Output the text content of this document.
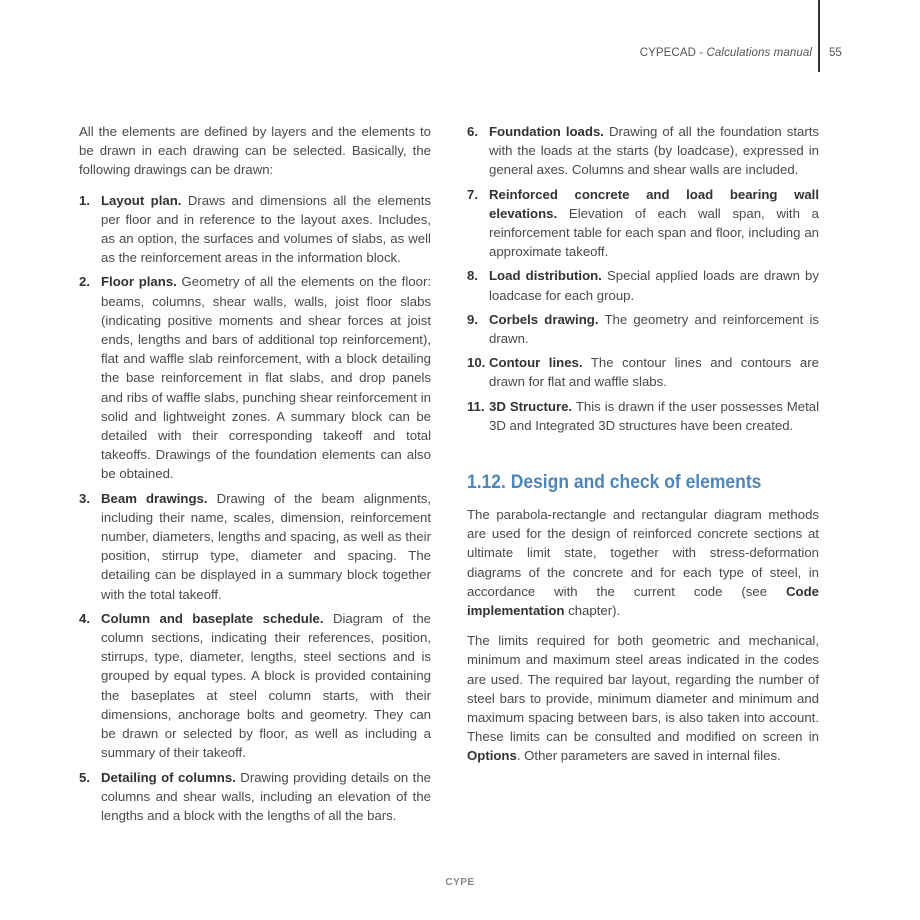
CYPECAD - Calculations manual 55

All the elements are defined by layers and the elements to be drawn in each drawing can be selected. Basically, the following drawings can be drawn:

1. Layout plan. Draws and dimensions all the elements per floor and in reference to the layout axes. Includes, as an option, the surfaces and volumes of slabs, as well as the reinforcement areas in the information block.
2. Floor plans. Geometry of all the elements on the floor: beams, columns, shear walls, walls, joist floor slabs (indicating positive moments and shear forces at joist ends, lengths and bars of additional top reinforcement), flat and waffle slab reinforcement, with a block detailing the base reinforcement in flat slabs, and drop panels and ribs of waffle slabs, punching shear reinforcement in solid and lightweight zones. A summary block can be detailed with their corresponding takeoff and total takeoffs. Drawings of the foundation elements can also be obtained.
3. Beam drawings. Drawing of the beam alignments, including their name, scales, dimension, reinforcement number, diameters, lengths and spacing, as well as their position, stirrup type, diameter and spacing. The detailing can be displayed in a summary block together with the total takeoff.
4. Column and baseplate schedule. Diagram of the column sections, indicating their references, position, stirrups, type, diameter, lengths, steel sections and is grouped by equal types. A block is provided containing the baseplates at steel column starts, with their dimensions, anchorage bolts and geometry. They can be drawn or selected by floor, as well as including a summary of their takeoff.
5. Detailing of columns. Drawing providing details on the columns and shear walls, including an elevation of the lengths and a block with the lengths of all the bars.
6. Foundation loads. Drawing of all the foundation starts with the loads at the starts (by loadcase), expressed in general axes. Columns and shear walls are included.
7. Reinforced concrete and load bearing wall elevations. Elevation of each wall span, with a reinforcement table for each span and floor, including an approximate takeoff.
8. Load distribution. Special applied loads are drawn by loadcase for each group.
9. Corbels drawing. The geometry and reinforcement is drawn.
10. Contour lines. The contour lines and contours are drawn for flat and waffle slabs.
11. 3D Structure. This is drawn if the user possesses Metal 3D and Integrated 3D structures have been created.
1.12. Design and check of elements

The parabola-rectangle and rectangular diagram methods are used for the design of reinforced concrete sections at ultimate limit state, together with stress-deformation diagrams of the concrete and for each type of steel, in accordance with the current code (see Code implementation chapter).

The limits required for both geometric and mechanical, minimum and maximum steel areas indicated in the codes are used. The required bar layout, regarding the number of steel bars to provide, minimum diameter and minimum and maximum spacing between bars, is also taken into account. These limits can be consulted and modified on screen in Options. Other parameters are saved in internal files.

CYPE
